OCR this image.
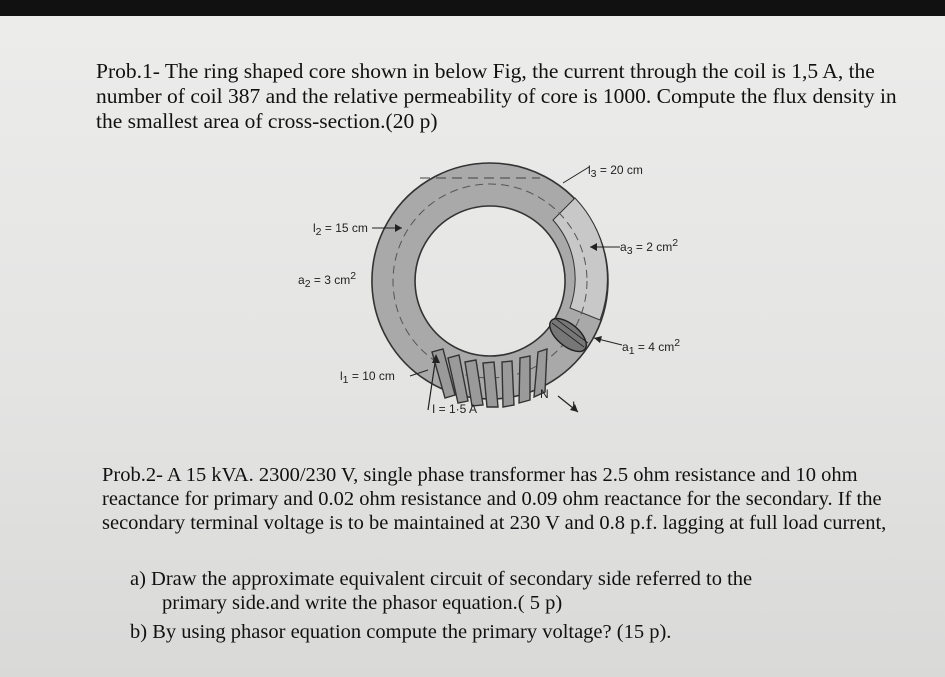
Prob.1- The ring shaped core shown in below Fig, the current through the coil is 1,5 A, the number of coil 387 and the relative permeability of core is 1000. Compute the flux density in the smallest area of cross-section.(20 p)

l3 = 20 cm
l2 = 15 cm
a2 = 3 cm2
a3 = 2 cm2
a1 = 4 cm2
l1 = 10 cm
I = 1·5 A
N
I

Prob.2- A 15 kVA. 2300/230 V, single phase transformer has 2.5 ohm resistance and 10 ohm reactance for primary and 0.02 ohm resistance and 0.09 ohm reactance for the secondary. If the secondary terminal voltage is to be maintained at 230 V and 0.8 p.f. lagging at full load current,

a) Draw the approximate equivalent circuit of secondary side referred to the
primary side.and write the phasor equation.( 5 p)

b) By using phasor equation compute the primary voltage? (15 p).
